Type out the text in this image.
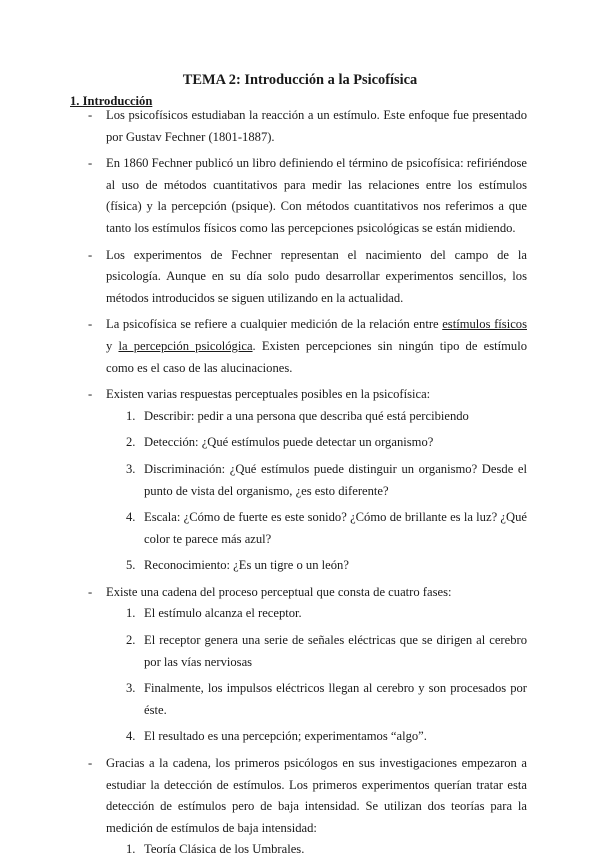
TEMA 2: Introducción a la Psicofísica
1. Introducción
- Los psicofísicos estudiaban la reacción a un estímulo. Este enfoque fue presentado por Gustav Fechner (1801-1887).
- En 1860 Fechner publicó un libro definiendo el término de psicofísica: refiriéndose al uso de métodos cuantitativos para medir las relaciones entre los estímulos (física) y la percepción (psique). Con métodos cuantitativos nos referimos a que tanto los estímulos físicos como las percepciones psicológicas se están midiendo.
- Los experimentos de Fechner representan el nacimiento del campo de la psicología. Aunque en su día solo pudo desarrollar experimentos sencillos, los métodos introducidos se siguen utilizando en la actualidad.
- La psicofísica se refiere a cualquier medición de la relación entre estímulos físicos y la percepción psicológica. Existen percepciones sin ningún tipo de estímulo como es el caso de las alucinaciones.
- Existen varias respuestas perceptuales posibles en la psicofísica:
1. Describir: pedir a una persona que describa qué está percibiendo
2. Detección: ¿Qué estímulos puede detectar un organismo?
3. Discriminación: ¿Qué estímulos puede distinguir un organismo? Desde el punto de vista del organismo, ¿es esto diferente?
4. Escala: ¿Cómo de fuerte es este sonido? ¿Cómo de brillante es la luz? ¿Qué color te parece más azul?
5. Reconocimiento: ¿Es un tigre o un león?
- Existe una cadena del proceso perceptual que consta de cuatro fases:
1. El estímulo alcanza el receptor.
2. El receptor genera una serie de señales eléctricas que se dirigen al cerebro por las vías nerviosas
3. Finalmente, los impulsos eléctricos llegan al cerebro y son procesados por éste.
4. El resultado es una percepción; experimentamos “algo”.
- Gracias a la cadena, los primeros psicólogos en sus investigaciones empezaron a estudiar la detección de estímulos. Los primeros experimentos querían tratar esta detección de estímulos pero de baja intensidad. Se utilizan dos teorías para la medición de estímulos de baja intensidad:
1. Teoría Clásica de los Umbrales.
